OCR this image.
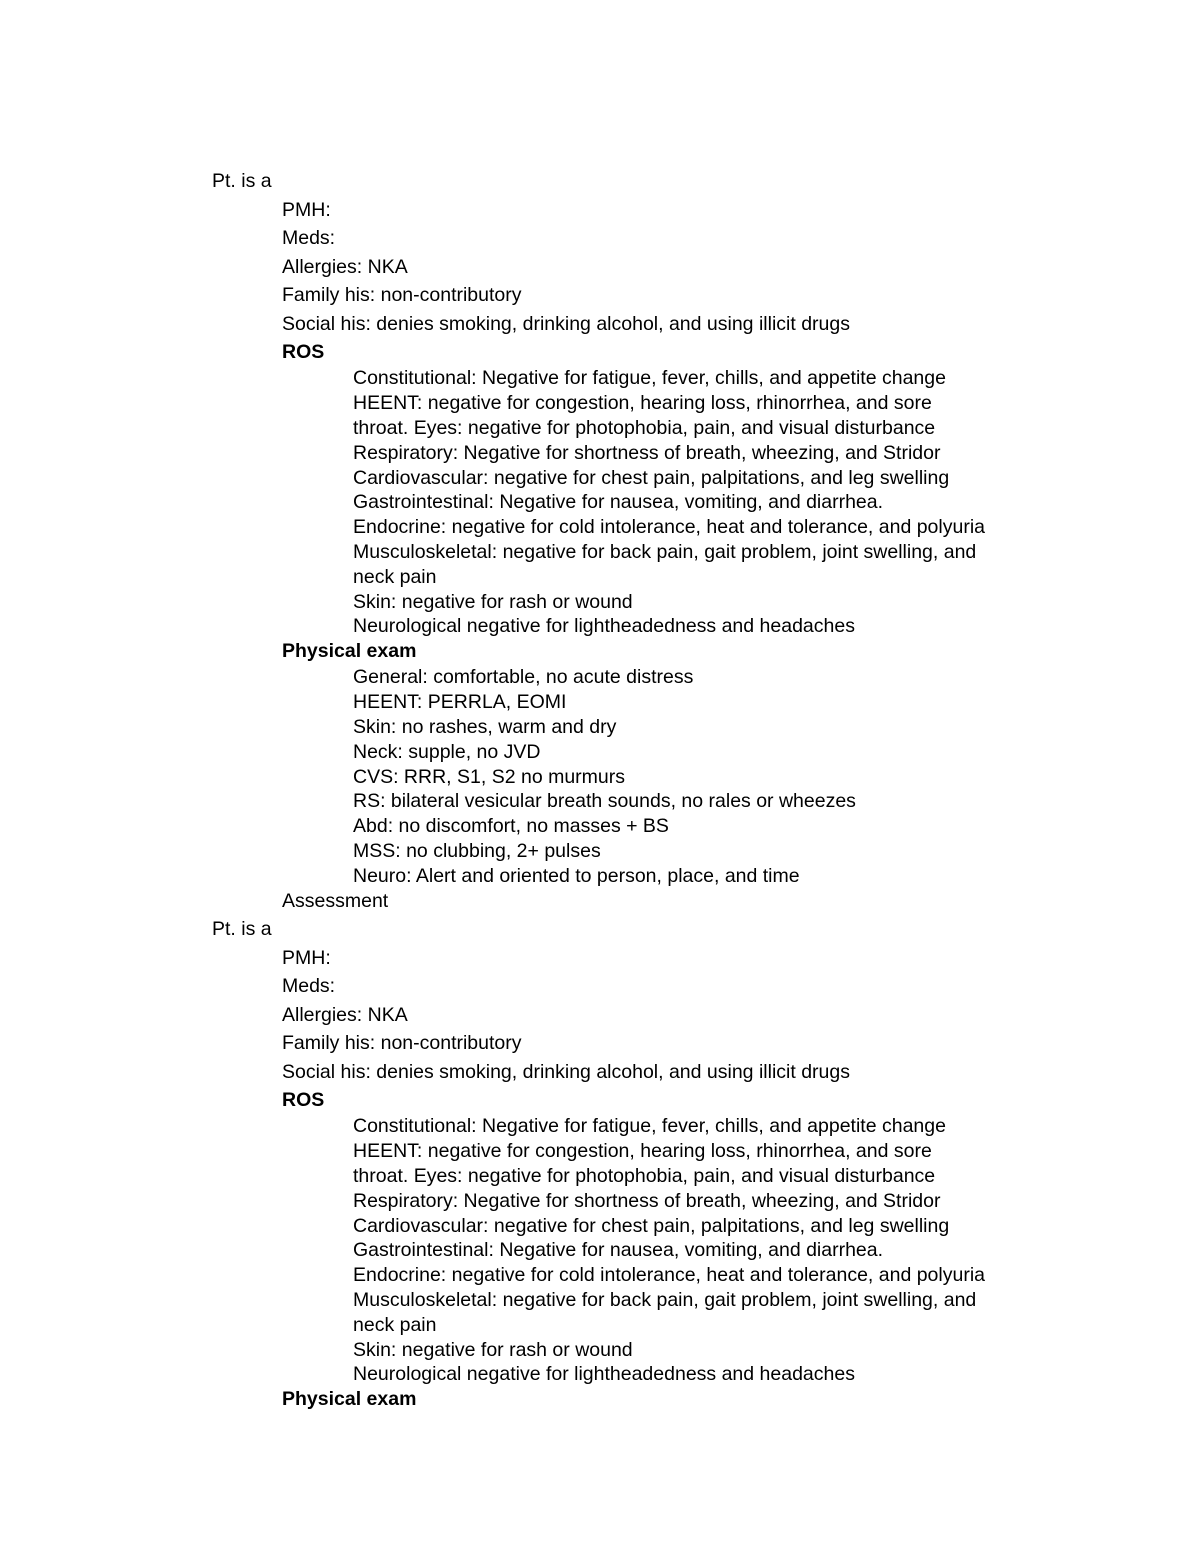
Pt. is a
PMH:
Meds:
Allergies: NKA
Family his: non-contributory
Social his: denies smoking, drinking alcohol, and using illicit drugs
ROS
Constitutional: Negative for fatigue, fever, chills, and appetite change
HEENT: negative for congestion, hearing loss, rhinorrhea, and sore
throat. Eyes: negative for photophobia, pain, and visual disturbance
Respiratory: Negative for shortness of breath, wheezing, and Stridor
Cardiovascular: negative for chest pain, palpitations, and leg swelling
Gastrointestinal: Negative for nausea, vomiting, and diarrhea.
Endocrine: negative for cold intolerance, heat and tolerance, and polyuria
Musculoskeletal: negative for back pain, gait problem, joint swelling, and
neck pain
Skin: negative for rash or wound
Neurological negative for lightheadedness and headaches
Physical exam
General: comfortable, no acute distress
HEENT: PERRLA, EOMI
Skin: no rashes, warm and dry
Neck: supple, no JVD
CVS: RRR, S1, S2 no murmurs
RS: bilateral vesicular breath sounds, no rales or wheezes
Abd: no discomfort, no masses + BS
MSS: no clubbing, 2+ pulses
Neuro: Alert and oriented to person, place, and time
Assessment
Pt. is a
PMH:
Meds:
Allergies: NKA
Family his: non-contributory
Social his: denies smoking, drinking alcohol, and using illicit drugs
ROS
Constitutional: Negative for fatigue, fever, chills, and appetite change
HEENT: negative for congestion, hearing loss, rhinorrhea, and sore
throat. Eyes: negative for photophobia, pain, and visual disturbance
Respiratory: Negative for shortness of breath, wheezing, and Stridor
Cardiovascular: negative for chest pain, palpitations, and leg swelling
Gastrointestinal: Negative for nausea, vomiting, and diarrhea.
Endocrine: negative for cold intolerance, heat and tolerance, and polyuria
Musculoskeletal: negative for back pain, gait problem, joint swelling, and
neck pain
Skin: negative for rash or wound
Neurological negative for lightheadedness and headaches
Physical exam
